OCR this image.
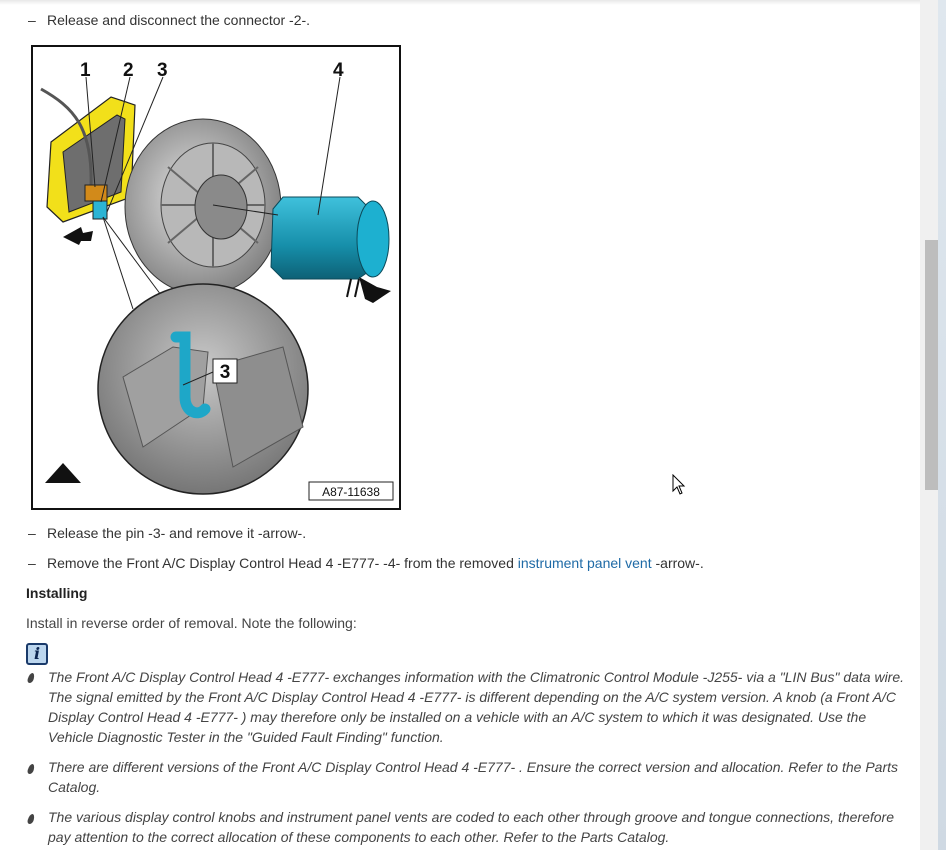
– Release and disconnect the connector -2-.
3
1 2 3	4
A87-11638
– Release the pin -3- and remove it -arrow-.
– Remove the Front A/C Display Control Head 4 -E777- -4- from the removed instrument panel vent -arrow-.
Installing
Install in reverse order of removal. Note the following:
i
The Front A/C Display Control Head 4 -E777- exchanges information with the Climatronic Control Module -J255- via a "LIN Bus" data wire. The signal emitted by the Front A/C Display Control Head 4 -E777- is different depending on the A/C system version. A knob (a Front A/C Display Control Head 4 -E777- ) may therefore only be installed on a vehicle with an A/C system to which it was designated. Use the Vehicle Diagnostic Tester in the "Guided Fault Finding" function.
There are different versions of the Front A/C Display Control Head 4 -E777- . Ensure the correct version and allocation. Refer to the Parts Catalog.
The various display control knobs and instrument panel vents are coded to each other through groove and tongue connections, therefore pay attention to the correct allocation of these components to each other. Refer to the Parts Catalog.
